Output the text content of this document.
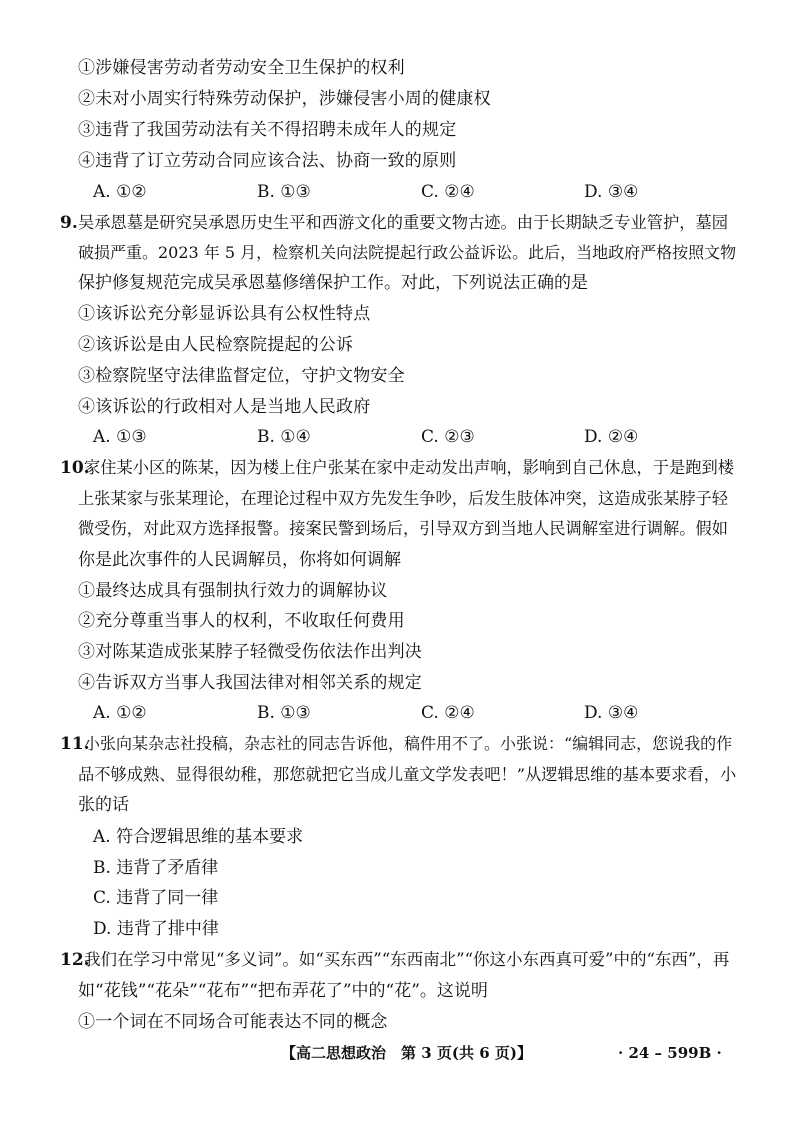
①涉嫌侵害劳动者劳动安全卫生保护的权利
②未对小周实行特殊劳动保护，涉嫌侵害小周的健康权
③违背了我国劳动法有关不得招聘未成年人的规定
④违背了订立劳动合同应该合法、协商一致的原则
A. ①②	B. ①③	C. ②④	D. ③④
9. 吴承恩墓是研究吴承恩历史生平和西游文化的重要文物古迹。由于长期缺乏专业管护，墓园
破损严重。2023 年 5 月，检察机关向法院提起行政公益诉讼。此后，当地政府严格按照文物
保护修复规范完成吴承恩墓修缮保护工作。对此，下列说法正确的是
①该诉讼充分彰显诉讼具有公权性特点
②该诉讼是由人民检察院提起的公诉
③检察院坚守法律监督定位，守护文物安全
④该诉讼的行政相对人是当地人民政府
A. ①③	B. ①④	C. ②③	D. ②④
10.
家住某小区的陈某，因为楼上住户张某在家中走动发出声响，影响到自己休息，于是跑到楼
上张某家与张某理论，在理论过程中双方先发生争吵，后发生肢体冲突，这造成张某脖子轻
微受伤，对此双方选择报警。接案民警到场后，引导双方到当地人民调解室进行调解。假如
你是此次事件的人民调解员，你将如何调解
①最终达成具有强制执行效力的调解协议
②充分尊重当事人的权利，不收取任何费用
③对陈某造成张某脖子轻微受伤依法作出判决
④告诉双方当事人我国法律对相邻关系的规定
A. ①②	B. ①③	C. ②④	D. ③④
11.
小张向某杂志社投稿，杂志社的同志告诉他，稿件用不了。小张说：“编辑同志，您说我的作
品不够成熟、显得很幼稚，那您就把它当成儿童文学发表吧！”从逻辑思维的基本要求看，小
张的话
A. 符合逻辑思维的基本要求
B. 违背了矛盾律
C. 违背了同一律
D. 违背了排中律
12.
我们在学习中常见“多义词”。如“买东西”“东西南北”“你这小东西真可爱”中的“东西”，再
如“花钱”“花朵”“花布”“把布弄花了”中的“花”。这说明
①一个词在不同场合可能表达不同的概念
【高二思想政治　第 3 页(共 6 页)】	· 24 – 599B ·
